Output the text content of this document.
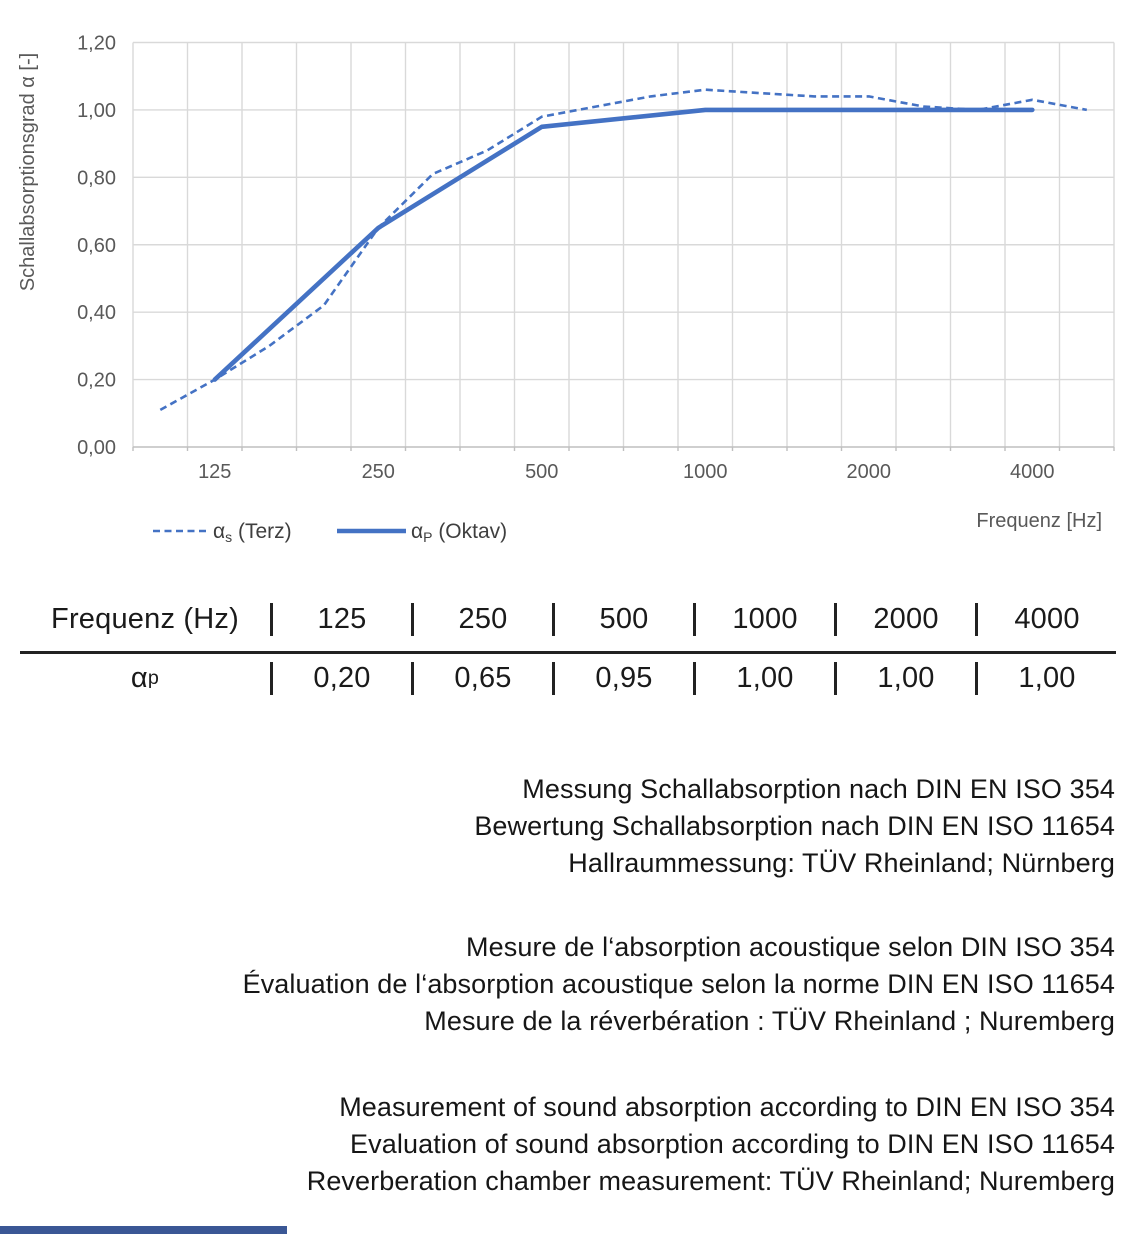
0,00
0,20
0,40
0,60
0,80
1,00
1,20
125	250	500	1000	2000	4000
Schallabsorptionsgrad α [-]
Frequenz [Hz]
αs (Terz)	αP (Oktav)
Frequenz (Hz)	125	250	500	1000	2000	4000
α p	0,20	0,65	0,95	1,00	1,00	1,00
Messung Schallabsorption nach DIN EN ISO 354
Bewertung Schallabsorption nach DIN EN ISO 11654
Hallraummessung: TÜV Rheinland; Nürnberg
Mesure de l‘absorption acoustique selon DIN ISO 354
Évaluation de l‘absorption acoustique selon la norme DIN EN ISO 11654
Mesure de la réverbération : TÜV Rheinland ; Nuremberg
Measurement of sound absorption according to DIN EN ISO 354
Evaluation of sound absorption according to DIN EN ISO 11654
Reverberation chamber measurement: TÜV Rheinland; Nuremberg
